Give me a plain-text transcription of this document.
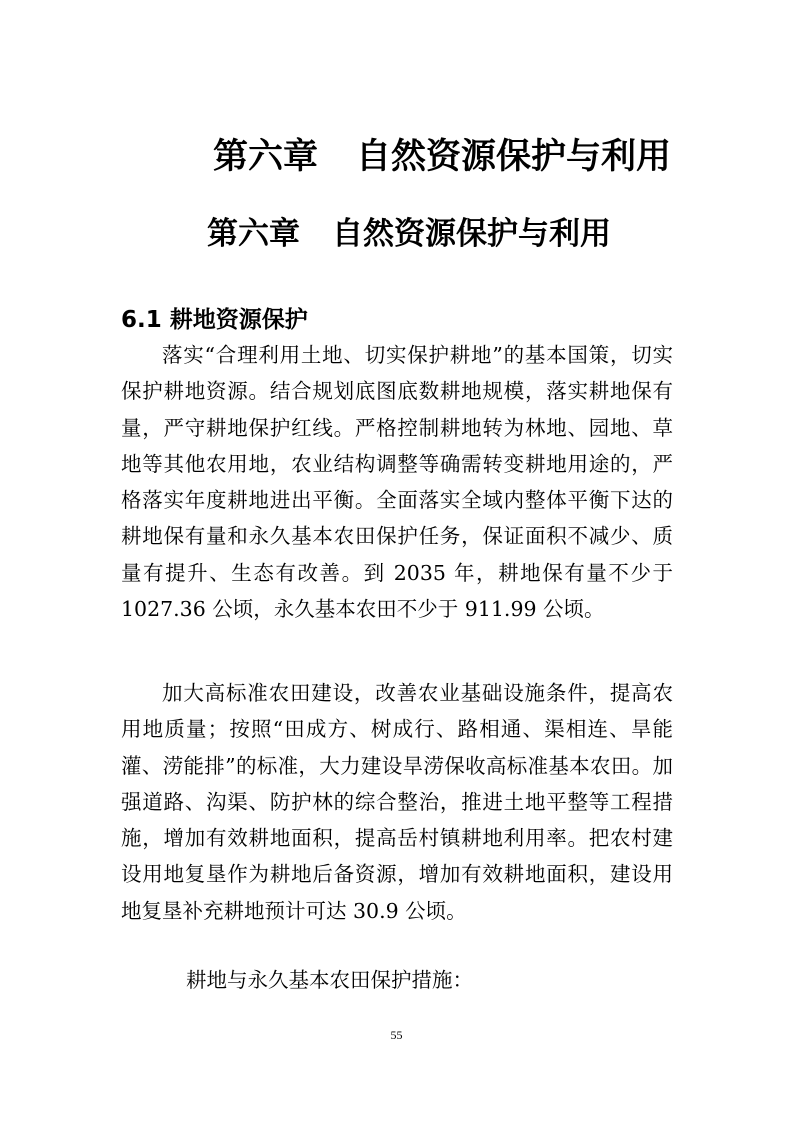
第六章 自然资源保护与利用
第六章 自然资源保护与利用
6.1 耕地资源保护

落实“合理利用土地、切实保护耕地”的基本国策，切实保护耕地资源。结合规划底图底数耕地规模，落实耕地保有量，严守耕地保护红线。严格控制耕地转为林地、园地、草地等其他农用地，农业结构调整等确需转变耕地用途的，严格落实年度耕地进出平衡。全面落实全域内整体平衡下达的耕地保有量和永久基本农田保护任务，保证面积不减少、质量有提升、生态有改善。到 2035 年，耕地保有量不少于 1027.36 公顷，永久基本农田不少于 911.99 公顷。

加大高标准农田建设，改善农业基础设施条件，提高农用地质量；按照“田成方、树成行、路相通、渠相连、旱能灌、涝能排”的标准，大力建设旱涝保收高标准基本农田。加强道路、沟渠、防护林的综合整治，推进土地平整等工程措施，增加有效耕地面积，提高岳村镇耕地利用率。把农村建设用地复垦作为耕地后备资源，增加有效耕地面积，建设用地复垦补充耕地预计可达 30.9 公顷。

耕地与永久基本农田保护措施：

55
